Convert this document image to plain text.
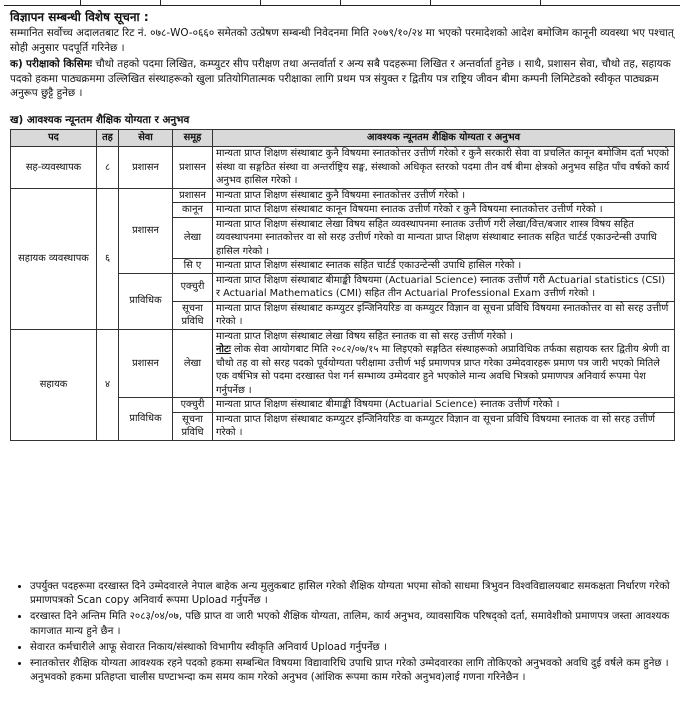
विज्ञापन सम्बन्धी विशेष सूचना :
सम्मानित सर्वोच्च अदालतबाट रिट नं. ०७८-WO-०६६० समेतको उत्प्रेषण सम्बन्धी निवेदनमा मिति २०७९/१०/२४ मा भएको परमादेशको आदेश बमोजिम कानूनी व्यवस्था भए पश्चात् सोही अनुसार पदपूर्ति गरिनेछ ।
क) परीक्षाको किसिमः चौथो तहको पदमा लिखित, कम्प्युटर सीप परीक्षण तथा अन्तर्वार्ता र अन्य सबै पदहरूमा लिखित र अन्तर्वार्ता हुनेछ । साथै, प्रशासन सेवा, चौथो तह, सहायक पदको हकमा पाठ्यक्रममा उल्लिखित संस्थाहरूको खुला प्रतियोगितात्मक परीक्षाका लागि प्रथम पत्र संयुक्त र द्वितीय पत्र राष्ट्रिय जीवन बीमा कम्पनी लिमिटेडको स्वीकृत पाठ्यक्रम अनुरूप छुट्टै हुनेछ ।
ख) आवश्यक न्यूनतम शैक्षिक योग्यता र अनुभव
पद	तह	सेवा	समूह	आवश्यक न्यूनतम शैक्षिक योग्यता र अनुभव
सह-व्यवस्थापक	८	प्रशासन	प्रशासन	मान्यता प्राप्त शिक्षण संस्थाबाट कुनै विषयमा स्नातकोत्तर उत्तीर्ण गरेको र कुनै सरकारी सेवा वा प्रचलित कानून बमोजिम दर्ता भएको संस्था वा सङ्गठित संस्था वा अन्तर्राष्ट्रिय सङ्घ, संस्थाको अधिकृत स्तरको पदमा तीन वर्ष बीमा क्षेत्रको अनुभव सहित पाँच वर्षको कार्य अनुभव हासिल गरेको ।
सहायक व्यवस्थापक	६	प्रशासन	प्रशासन	मान्यता प्राप्त शिक्षण संस्थाबाट कुनै विषयमा स्नातकोत्तर उत्तीर्ण गरेको ।
			कानून	मान्यता प्राप्त शिक्षण संस्थाबाट कानून विषयमा स्नातक उत्तीर्ण गरेको र कुनै विषयमा स्नातकोत्तर उत्तीर्ण गरेको ।
			लेखा	मान्यता प्राप्त शिक्षण संस्थाबाट लेखा विषय सहित व्यवस्थापनमा स्नातक उत्तीर्ण गरी लेखा/वित्त/बजार शास्त्र विषय सहित व्यवस्थापनमा स्नातकोत्तर वा सो सरह उत्तीर्ण गरेको वा मान्यता प्राप्त शिक्षण संस्थाबाट स्नातक सहित चार्टर्ड एकाउन्टेन्सी उपाधि हासिल गरेको ।
			सि ए	मान्यता प्राप्त शिक्षण संस्थाबाट स्नातक सहित चार्टर्ड एकाउन्टेन्सी उपाधि हासिल गरेको ।
		प्राविधिक	एक्चुरी	मान्यता प्राप्त शिक्षण संस्थाबाट बीमाङ्की विषयमा (Actuarial Science) स्नातक उत्तीर्ण गरी Actuarial statistics (CSI) र Actuarial Mathematics (CMI) सहित तीन Actuarial Professional Exam उत्तीर्ण गरेको ।
			सूचना प्रविधि	मान्यता प्राप्त शिक्षण संस्थाबाट कम्प्युटर इन्जिनियरिङ वा कम्प्युटर विज्ञान वा सूचना प्रविधि विषयमा स्नातकोत्तर वा सो सरह उत्तीर्ण गरेको ।
सहायक	४	प्रशासन	लेखा	मान्यता प्राप्त शिक्षण संस्थाबाट लेखा विषय सहित स्नातक वा सो सरह उत्तीर्ण गरेको ।
नोटः लोक सेवा आयोगबाट मिति २०८२/०७/१५ मा लिइएको सङ्गठित संस्थाहरूको अप्राविधिक तर्फका सहायक स्तर द्वितीय श्रेणी वा चौथो तह वा सो सरह पदको पूर्वयोग्यता परीक्षामा उत्तीर्ण भई प्रमाणपत्र प्राप्त गरेका उम्मेदवारहरू प्रमाण पत्र जारी भएको मितिले एक वर्षभित्र सो पदमा दरखास्त पेश गर्न सम्भाव्य उम्मेदवार हुने भएकोले मान्य अवधि भित्रको प्रमाणपत्र अनिवार्य रूपमा पेश गर्नुपर्नेछ ।

		प्राविधिक	एक्चुरी	मान्यता प्राप्त शिक्षण संस्थाबाट बीमाङ्की विषयमा (Actuarial Science) स्नातक उत्तीर्ण गरेको ।
			सूचना प्रविधि	मान्यता प्राप्त शिक्षण संस्थाबाट कम्प्युटर इन्जिनियरिङ वा कम्प्युटर विज्ञान वा सूचना प्रविधि विषयमा स्नातक वा सो सरह उत्तीर्ण गरेको ।
• उपर्युक्त पदहरूमा दरखास्त दिने उम्मेदवारले नेपाल बाहेक अन्य मुलुकबाट हासिल गरेको शैक्षिक योग्यता भएमा सोको साधमा त्रिभुवन विश्वविद्यालयबाट समकक्षता निर्धारण गरेको प्रमाणपत्रको Scan copy अनिवार्य रूपमा Upload गर्नुपर्नेछ ।
• दरखास्त दिने अन्तिम मिति २०८३/०४/०७, पछि प्राप्त वा जारी भएको शैक्षिक योग्यता, तालिम, कार्य अनुभव, व्यावसायिक परिषद्को दर्ता, समावेशीको प्रमाणपत्र जस्ता आवश्यक कागजात मान्य हुने छैन ।
• सेवारत कर्मचारीले आफू सेवारत निकाय/संस्थाको विभागीय स्वीकृति अनिवार्य Upload गर्नुपर्नेछ ।
• स्नातकोत्तर शैक्षिक योग्यता आवश्यक रहने पदको हकमा सम्बन्धित विषयमा विद्यावारिधि उपाधि प्राप्त गरेको उम्मेदवारका लागि तोकिएको अनुभवको अवधि दुई वर्षले कम हुनेछ । अनुभवको हकमा प्रतिहप्ता चालीस घण्टाभन्दा कम समय काम गरेको अनुभव (आंशिक रूपमा काम गरेको अनुभव)लाई गणना गरिनेछैन ।
